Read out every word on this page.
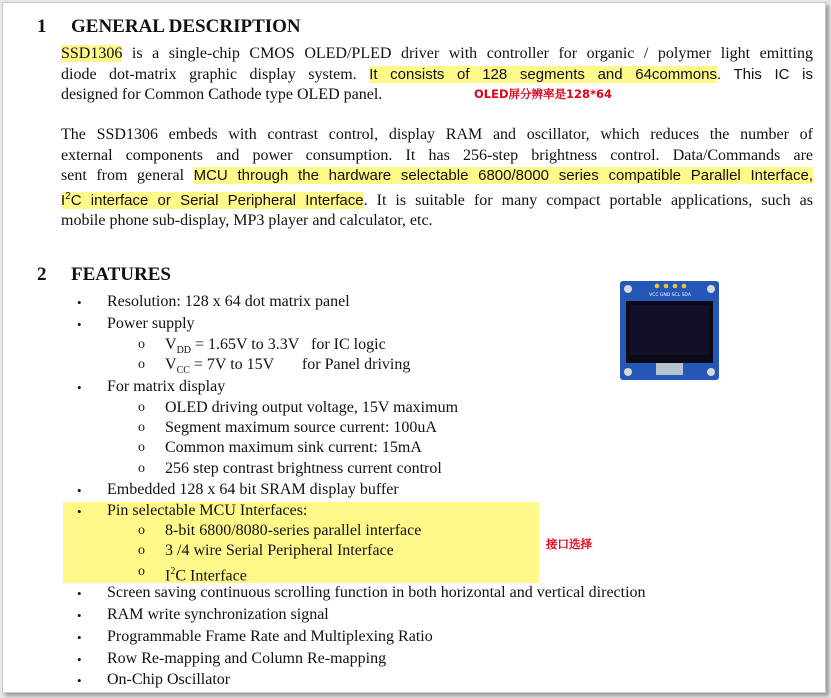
1 GENERAL DESCRIPTION
SSD1306 is a single-chip CMOS OLED/PLED driver with controller for organic / polymer light emitting
diode dot-matrix graphic display system. It consists of 128 segments and 64commons. This IC is
designed for Common Cathode type OLED panel.	OLED屏分辨率是128*64
The SSD1306 embeds with contrast control, display RAM and oscillator, which reduces the number of
external components and power consumption. It has 256-step brightness control. Data/Commands are
sent from general MCU through the hardware selectable 6800/8000 series compatible Parallel Interface,
$I^2C$ interface or Serial Peripheral Interface. It is suitable for many compact portable applications, such as
mobile phone sub-display, MP3 player and calculator, etc.
2 FEATURES
VCC GND SCL SDA
• Resolution: 128 x 64 dot matrix panel
• Power supply
o $V_{DD} = 1.65V$ to 3.3V   for IC logic
o $V_{CC} = 7V$ to 15V       for Panel driving
• For matrix display
o OLED driving output voltage, 15V maximum
o Segment maximum source current: 100uA
o Common maximum sink current: 15mA
o 256 step contrast brightness current control
• Embedded 128 x 64 bit SRAM display buffer
• Pin selectable MCU Interfaces:
o 8-bit 6800/8080-series parallel interface
o 3 /4 wire Serial Peripheral Interface
o $I^2C$ Interface
接口选择
• Screen saving continuous scrolling function in both horizontal and vertical direction
• RAM write synchronization signal
• Programmable Frame Rate and Multiplexing Ratio
• Row Re-mapping and Column Re-mapping
• On-Chip Oscillator
